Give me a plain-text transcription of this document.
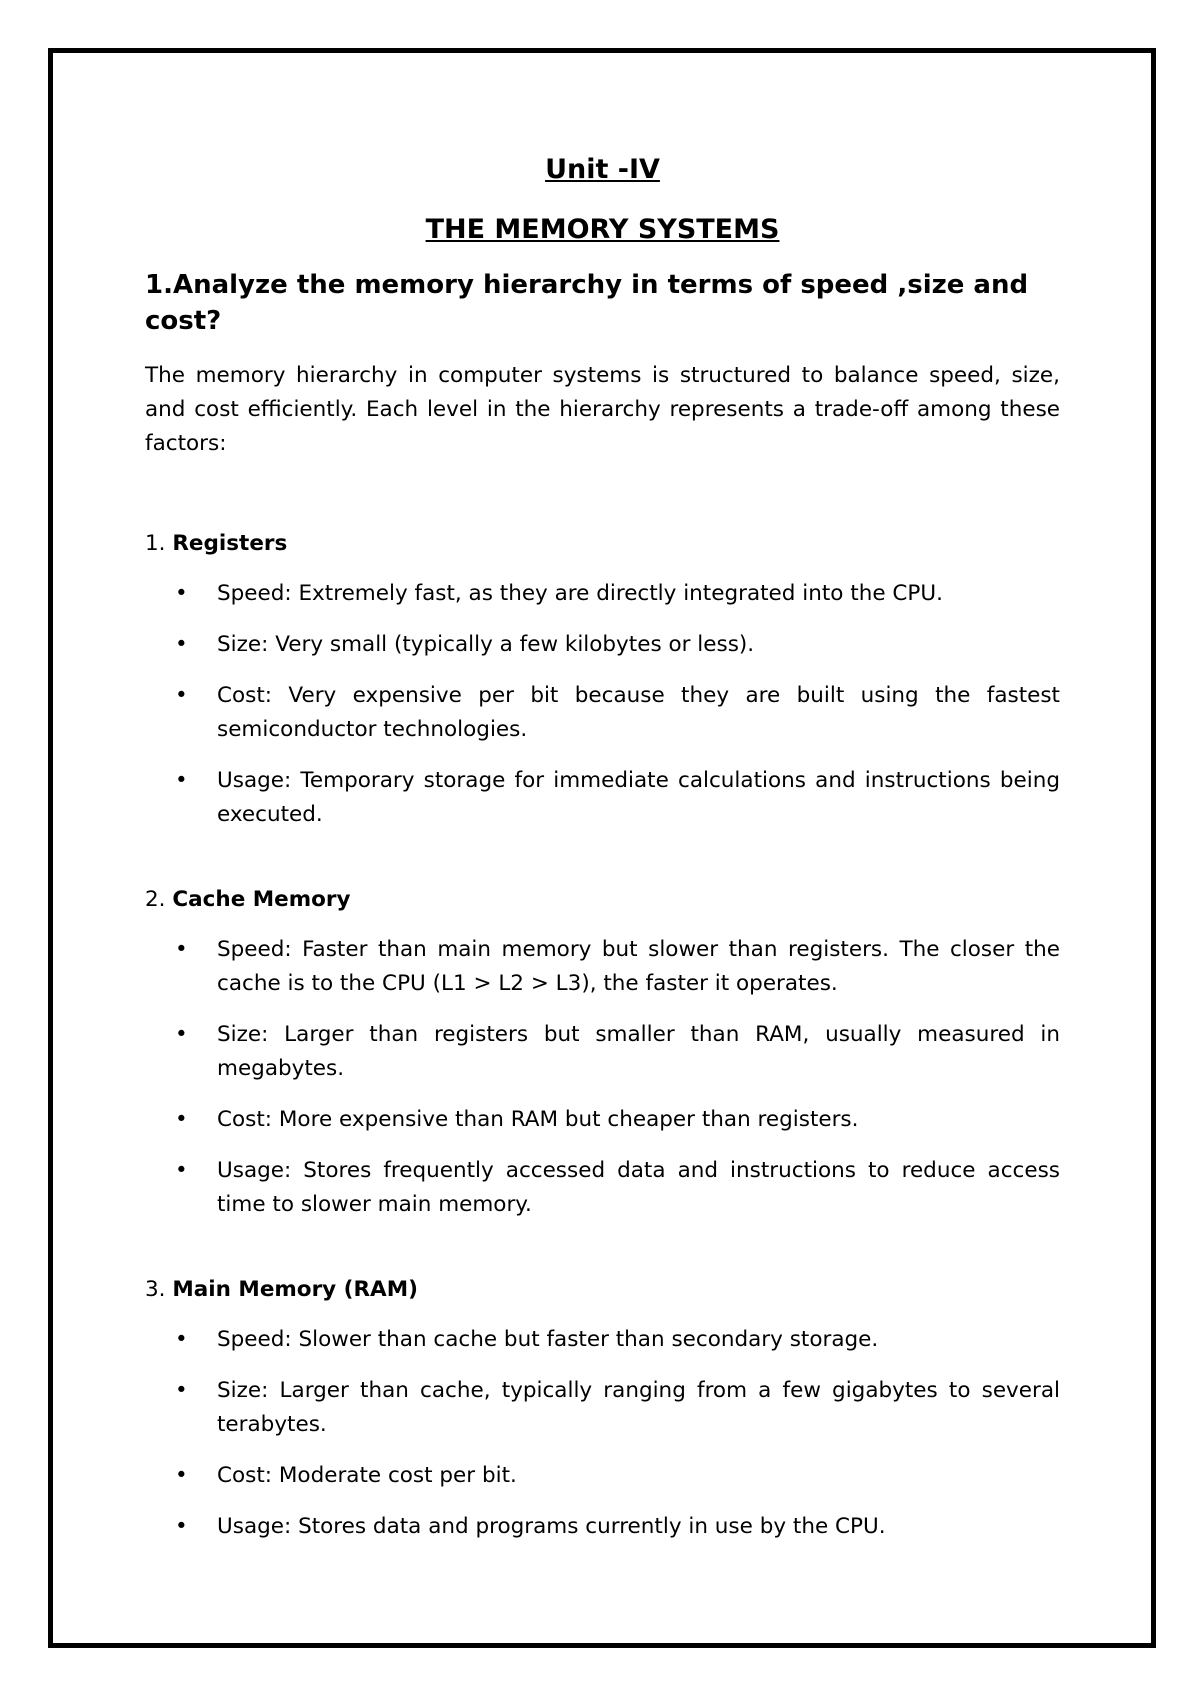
Unit -IV
THE MEMORY SYSTEMS

1.Analyze the memory hierarchy in terms of speed ,size and cost?

The memory hierarchy in computer systems is structured to balance speed, size, and cost efficiently. Each level in the hierarchy represents a trade-off among these factors:

1. Registers

• Speed: Extremely fast, as they are directly integrated into the CPU.
• Size: Very small (typically a few kilobytes or less).
• Cost: Very expensive per bit because they are built using the fastest semiconductor technologies.
• Usage: Temporary storage for immediate calculations and instructions being executed.

2. Cache Memory

• Speed: Faster than main memory but slower than registers. The closer the cache is to the CPU (L1 > L2 > L3), the faster it operates.
• Size: Larger than registers but smaller than RAM, usually measured in megabytes.
• Cost: More expensive than RAM but cheaper than registers.
• Usage: Stores frequently accessed data and instructions to reduce access time to slower main memory.

3. Main Memory (RAM)

• Speed: Slower than cache but faster than secondary storage.
• Size: Larger than cache, typically ranging from a few gigabytes to several terabytes.
• Cost: Moderate cost per bit.
• Usage: Stores data and programs currently in use by the CPU.
